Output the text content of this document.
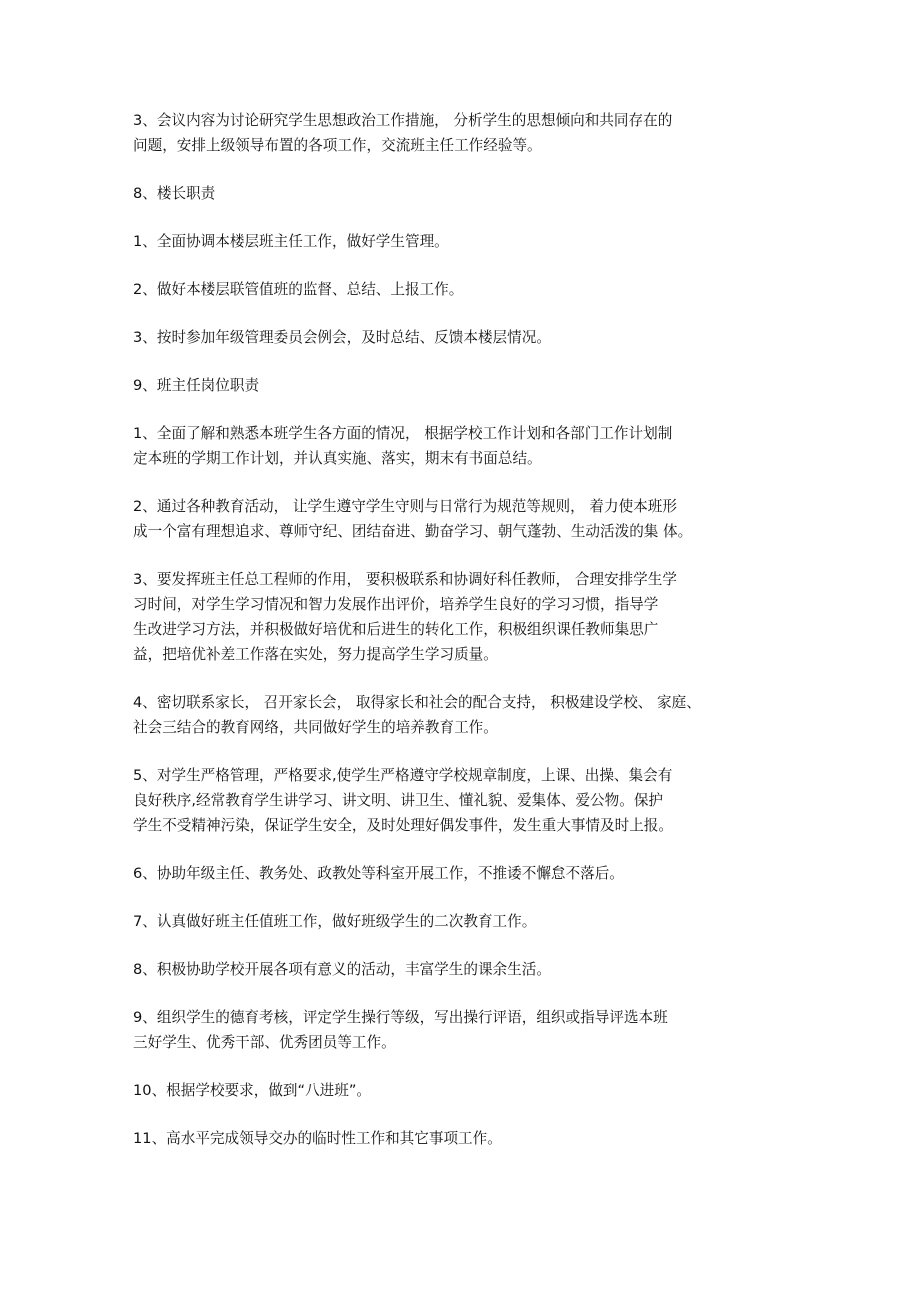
3、会议内容为讨论研究学生思想政治工作措施， 分析学生的思想倾向和共同存在的
问题，安排上级领导布置的各项工作，交流班主任工作经验等。
8、楼长职责
1、全面协调本楼层班主任工作，做好学生管理。
2、做好本楼层联管值班的监督、总结、上报工作。
3、按时参加年级管理委员会例会，及时总结、反馈本楼层情况。
9、班主任岗位职责
1、全面了解和熟悉本班学生各方面的情况， 根据学校工作计划和各部门工作计划制
定本班的学期工作计划，并认真实施、落实，期末有书面总结。
2、通过各种教育活动， 让学生遵守学生守则与日常行为规范等规则， 着力使本班形
成一个富有理想追求、尊师守纪、团结奋进、勤奋学习、朝气蓬勃、生动活泼的集 体。
3、要发挥班主任总工程师的作用， 要积极联系和协调好科任教师， 合理安排学生学
习时间，对学生学习情况和智力发展作出评价，培养学生良好的学习习惯，指导学
生改进学习方法，并积极做好培优和后进生的转化工作，积极组织课任教师集思广
益，把培优补差工作落在实处，努力提高学生学习质量。
4、密切联系家长， 召开家长会， 取得家长和社会的配合支持， 积极建设学校、 家庭、
社会三结合的教育网络，共同做好学生的培养教育工作。
5、对学生严格管理，严格要求,使学生严格遵守学校规章制度，上课、出操、集会有
良好秩序,经常教育学生讲学习、讲文明、讲卫生、懂礼貌、爱集体、爱公物。保护
学生不受精神污染，保证学生安全，及时处理好偶发事件，发生重大事情及时上报。
6、协助年级主任、教务处、政教处等科室开展工作，不推诿不懈怠不落后。
7、认真做好班主任值班工作，做好班级学生的二次教育工作。
8、积极协助学校开展各项有意义的活动，丰富学生的课余生活。
9、组织学生的德育考核，评定学生操行等级，写出操行评语，组织或指导评选本班
三好学生、优秀干部、优秀团员等工作。
10、根据学校要求，做到“八进班”。
11、高水平完成领导交办的临时性工作和其它事项工作。
